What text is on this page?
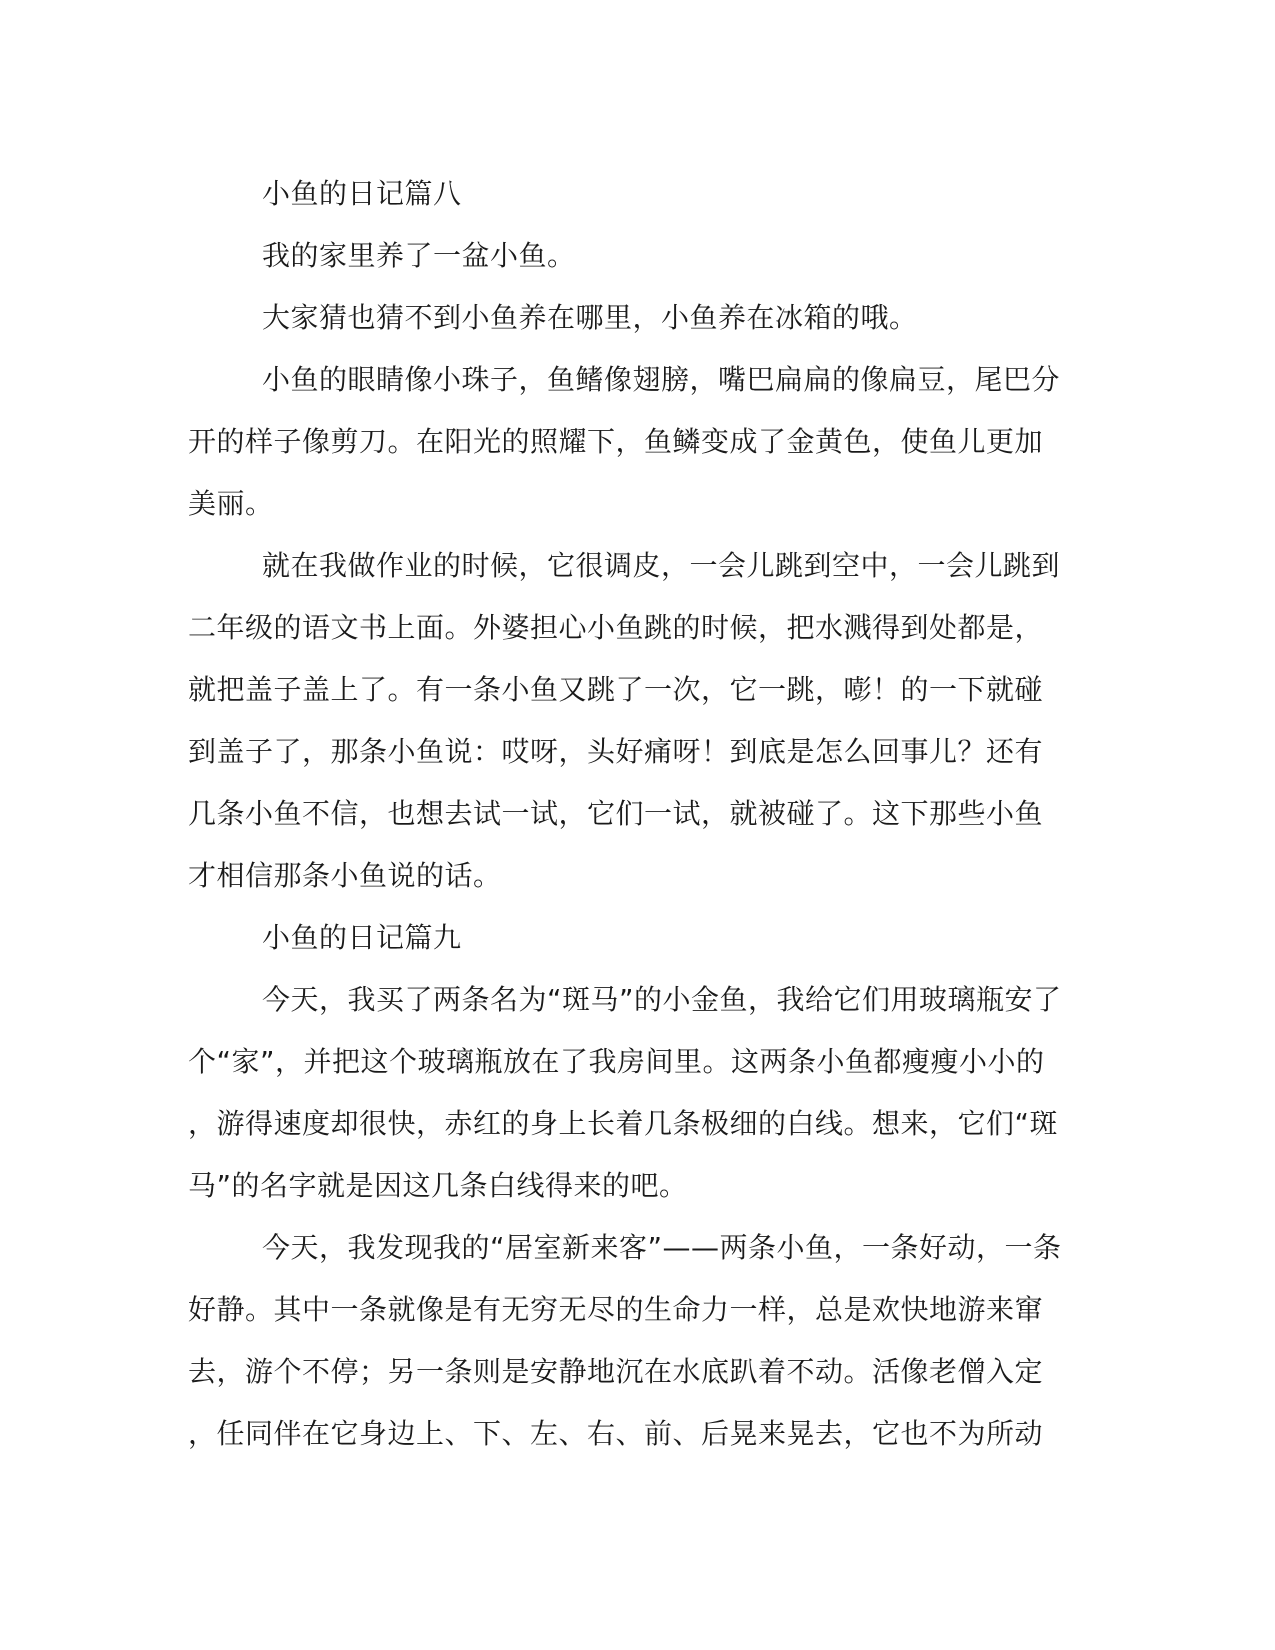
小鱼的日记篇八
我的家里养了一盆小鱼。
大家猜也猜不到小鱼养在哪里，小鱼养在冰箱的哦。
小鱼的眼睛像小珠子，鱼鳍像翅膀，嘴巴扁扁的像扁豆，尾巴分
开的样子像剪刀。在阳光的照耀下，鱼鳞变成了金黄色，使鱼儿更加
美丽。
就在我做作业的时候，它很调皮，一会儿跳到空中，一会儿跳到
二年级的语文书上面。外婆担心小鱼跳的时候，把水溅得到处都是，
就把盖子盖上了。有一条小鱼又跳了一次，它一跳，嘭！的一下就碰
到盖子了，那条小鱼说：哎呀，头好痛呀！到底是怎么回事儿？还有
几条小鱼不信，也想去试一试，它们一试，就被碰了。这下那些小鱼
才相信那条小鱼说的话。
小鱼的日记篇九
今天，我买了两条名为“斑马”的小金鱼，我给它们用玻璃瓶安了
个“家”，并把这个玻璃瓶放在了我房间里。这两条小鱼都瘦瘦小小的
，游得速度却很快，赤红的身上长着几条极细的白线。想来，它们“斑
马”的名字就是因这几条白线得来的吧。
今天，我发现我的“居室新来客”——两条小鱼，一条好动，一条
好静。其中一条就像是有无穷无尽的生命力一样，总是欢快地游来窜
去，游个不停；另一条则是安静地沉在水底趴着不动。活像老僧入定
，任同伴在它身边上、下、左、右、前、后晃来晃去，它也不为所动
